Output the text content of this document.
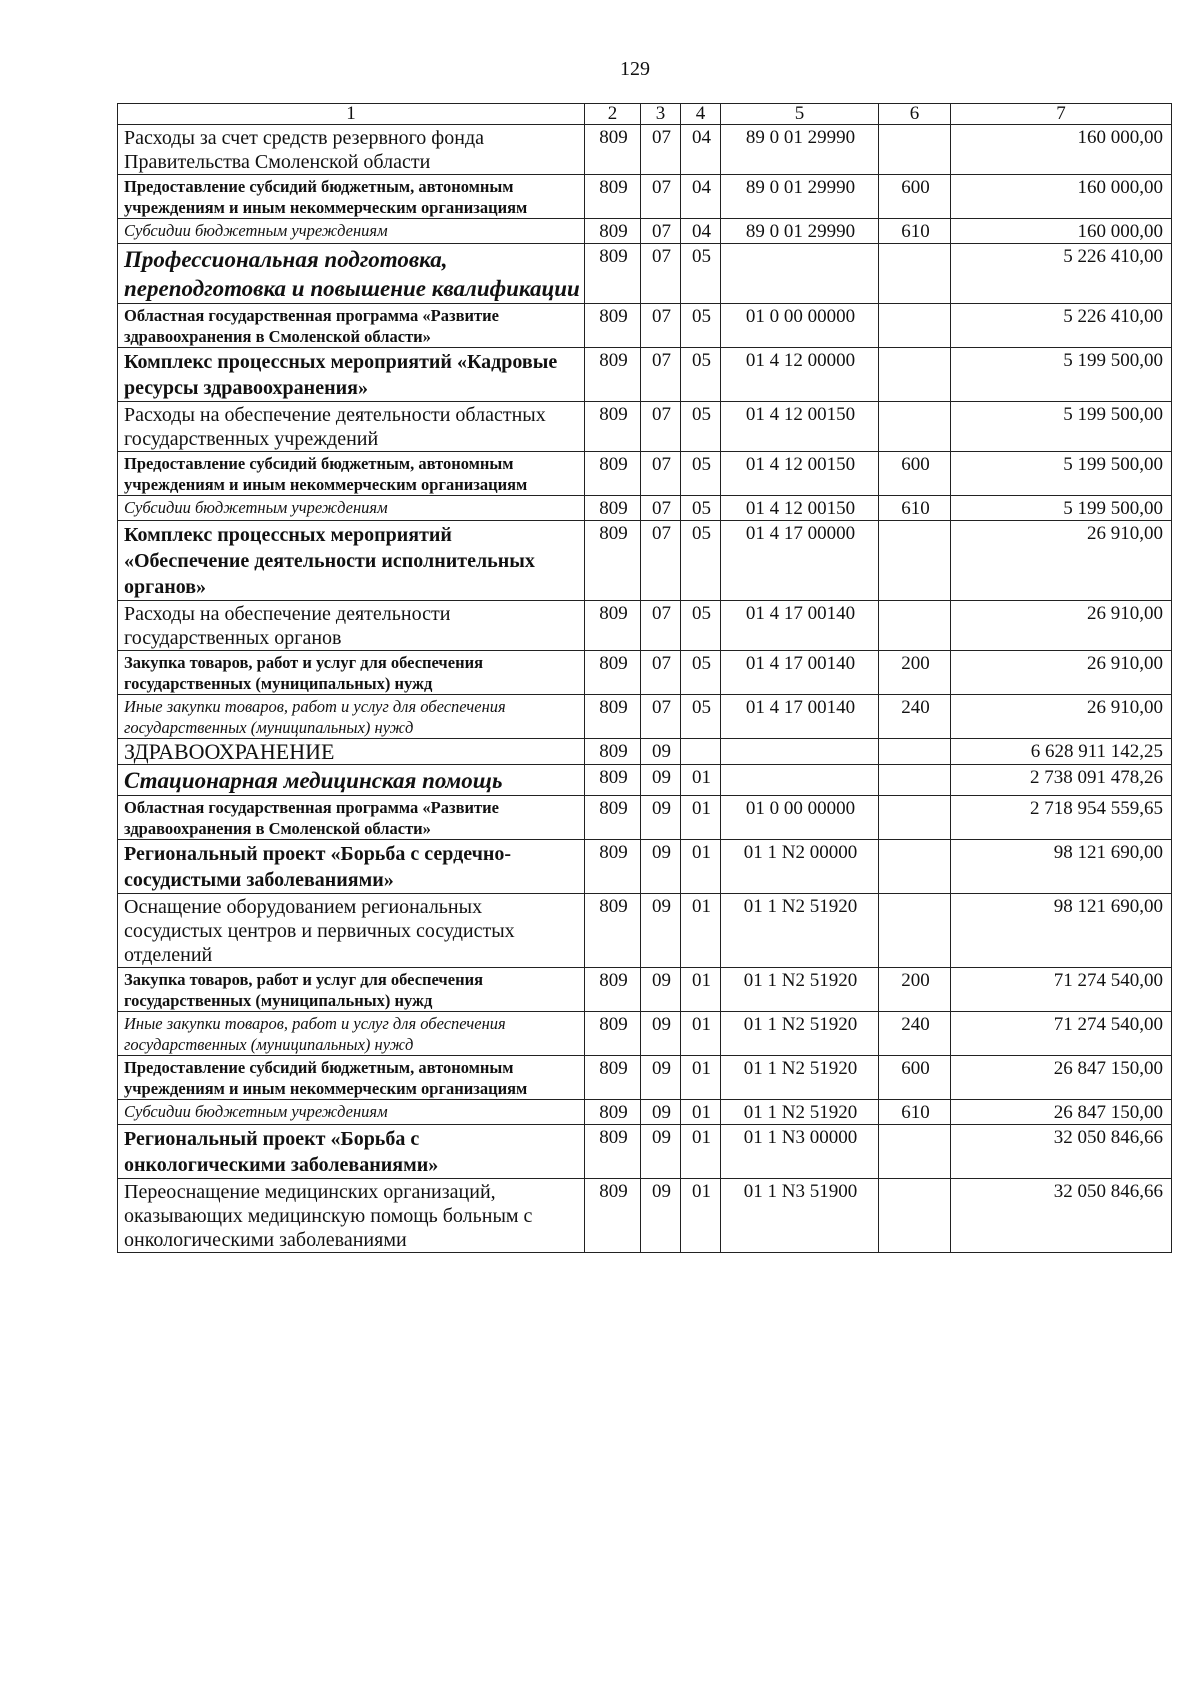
129
1	2	3	4	5	6	7
Расходы за счет средств резервного фонда Правительства Смоленской области	809	07	04	89 0 01 29990		160 000,00
Предоставление субсидий бюджетным, автономным учреждениям и иным некоммерческим организациям	809	07	04	89 0 01 29990	600	160 000,00
Субсидии бюджетным учреждениям	809	07	04	89 0 01 29990	610	160 000,00
Профессиональная подготовка, переподготовка и повышение квалификации	809	07	05			5 226 410,00
Областная государственная программа «Развитие здравоохранения в Смоленской области»	809	07	05	01 0 00 00000		5 226 410,00
Комплекс процессных мероприятий «Кадровые ресурсы здравоохранения»	809	07	05	01 4 12 00000		5 199 500,00
Расходы на обеспечение деятельности областных государственных учреждений	809	07	05	01 4 12 00150		5 199 500,00
Предоставление субсидий бюджетным, автономным учреждениям и иным некоммерческим организациям	809	07	05	01 4 12 00150	600	5 199 500,00
Субсидии бюджетным учреждениям	809	07	05	01 4 12 00150	610	5 199 500,00
Комплекс процессных мероприятий «Обеспечение деятельности исполнительных органов»	809	07	05	01 4 17 00000		26 910,00
Расходы на обеспечение деятельности государственных органов	809	07	05	01 4 17 00140		26 910,00
Закупка товаров, работ и услуг для обеспечения государственных (муниципальных) нужд	809	07	05	01 4 17 00140	200	26 910,00
Иные закупки товаров, работ и услуг для обеспечения государственных (муниципальных) нужд	809	07	05	01 4 17 00140	240	26 910,00
ЗДРАВООХРАНЕНИЕ	809	09				6 628 911 142,25
Стационарная медицинская помощь	809	09	01			2 738 091 478,26
Областная государственная программа «Развитие здравоохранения в Смоленской области»	809	09	01	01 0 00 00000		2 718 954 559,65
Региональный проект «Борьба с сердечно-сосудистыми заболеваниями»	809	09	01	01 1 N2 00000		98 121 690,00
Оснащение оборудованием региональных сосудистых центров и первичных сосудистых отделений	809	09	01	01 1 N2 51920		98 121 690,00
Закупка товаров, работ и услуг для обеспечения государственных (муниципальных) нужд	809	09	01	01 1 N2 51920	200	71 274 540,00
Иные закупки товаров, работ и услуг для обеспечения государственных (муниципальных) нужд	809	09	01	01 1 N2 51920	240	71 274 540,00
Предоставление субсидий бюджетным, автономным учреждениям и иным некоммерческим организациям	809	09	01	01 1 N2 51920	600	26 847 150,00
Субсидии бюджетным учреждениям	809	09	01	01 1 N2 51920	610	26 847 150,00
Региональный проект «Борьба с онкологическими заболеваниями»	809	09	01	01 1 N3 00000		32 050 846,66
Переоснащение медицинских организаций, оказывающих медицинскую помощь больным с онкологическими заболеваниями	809	09	01	01 1 N3 51900		32 050 846,66
